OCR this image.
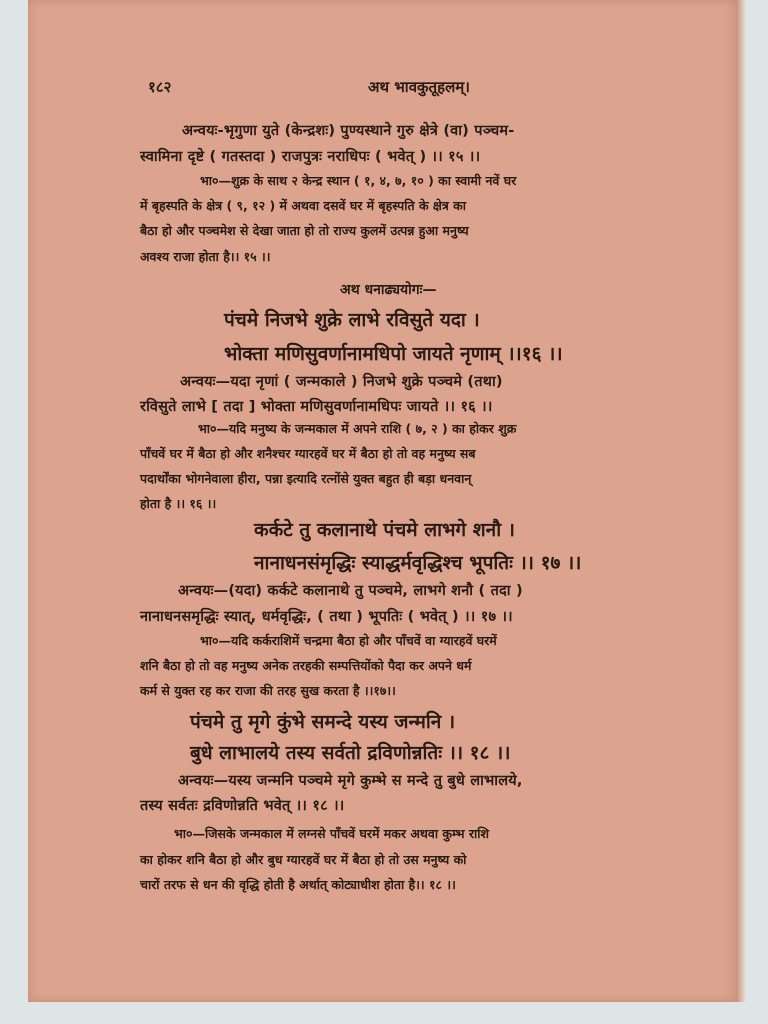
१८२	अथ भावकुतूहलम्।
अन्वयः-भृगुणा युते (केन्द्रशः) पुण्यस्थाने गुरु क्षेत्रे (वा) पञ्चम-
स्वामिना दृष्टे ( गतस्तदा ) राजपुत्रः नराधिपः ( भवेत् ) ।। १५ ।।
भा०—शुक्र के साथ २ केन्द्र स्थान ( १, ४, ७, १० ) का स्वामी नवें घर
में बृहस्पति के क्षेत्र ( ९, १२ ) में अथवा दसवें घर में बृहस्पति के क्षेत्र का
बैठा हो और पञ्चमेश से देखा जाता हो तो राज्य कुलमें उत्पन्न हुआ मनुष्य
अवश्य राजा होता है।। १५ ।।
अथ धनाढ्ययोगः—
पंचमे निजभे शुक्रे लाभे रविसुते यदा ।
भोक्ता मणिसुवर्णानामधिपो जायते नृणाम् ।।१६ ।।
अन्वयः—यदा नृणां ( जन्मकाले ) निजभे शुक्रे पञ्चमे (तथा)
रविसुते लाभे [ तदा ] भोक्ता मणिसुवर्णानामधिपः जायते ।। १६ ।।
भा०—यदि मनुष्य के जन्मकाल में अपने राशि ( ७, २ ) का होकर शुक्र
पाँचवें घर में बैठा हो और शनैश्चर ग्यारहवें घर में बैठा हो तो वह मनुष्य सब
पदार्थोंका भोगनेवाला हीरा, पन्ना इत्यादि रत्नोंसे युक्त बहुत ही बड़ा धनवान्
होता है ।। १६ ।।
कर्कटे तु कलानाथे पंचमे लाभगे शनौ ।
नानाधनसंमृद्धिः स्याद्धर्मवृद्धिश्च भूपतिः ।। १७ ।।
अन्वयः—(यदा) कर्कटे कलानाथे तु पञ्चमे, लाभगे शनौ ( तदा )
नानाधनसमृद्धिः स्यात्, धर्मवृद्धिः, ( तथा ) भूपतिः ( भवेत् ) ।। १७ ।।
भा०—यदि कर्कराशिमें चन्द्रमा बैठा हो और पाँचवें वा ग्यारहवें घरमें
शनि बैठा हो तो वह मनुष्य अनेक तरहकी सम्पत्तियोंको पैदा कर अपने धर्म
कर्म से युक्त रह कर राजा की तरह सुख करता है ।।१७।।
पंचमे तु मृगे कुंभे समन्दे यस्य जन्मनि ।
बुधे लाभालये तस्य सर्वतो द्रविणोन्नतिः ।। १८ ।।
अन्वयः—यस्य जन्मनि पञ्चमे मृगे कुम्भे स मन्दे तु बुधे लाभालये,
तस्य सर्वतः द्रविणोन्नति भवेत् ।। १८ ।।
भा०—जिसके जन्मकाल में लग्नसे पाँचवें घरमें मकर अथवा कुम्भ राशि
का होकर शनि बैठा हो और बुध ग्यारहवें घर में बैठा हो तो उस मनुष्य को
चारों तरफ से धन की वृद्धि होती है अर्थात् कोट्याधीश होता है।। १८ ।।
